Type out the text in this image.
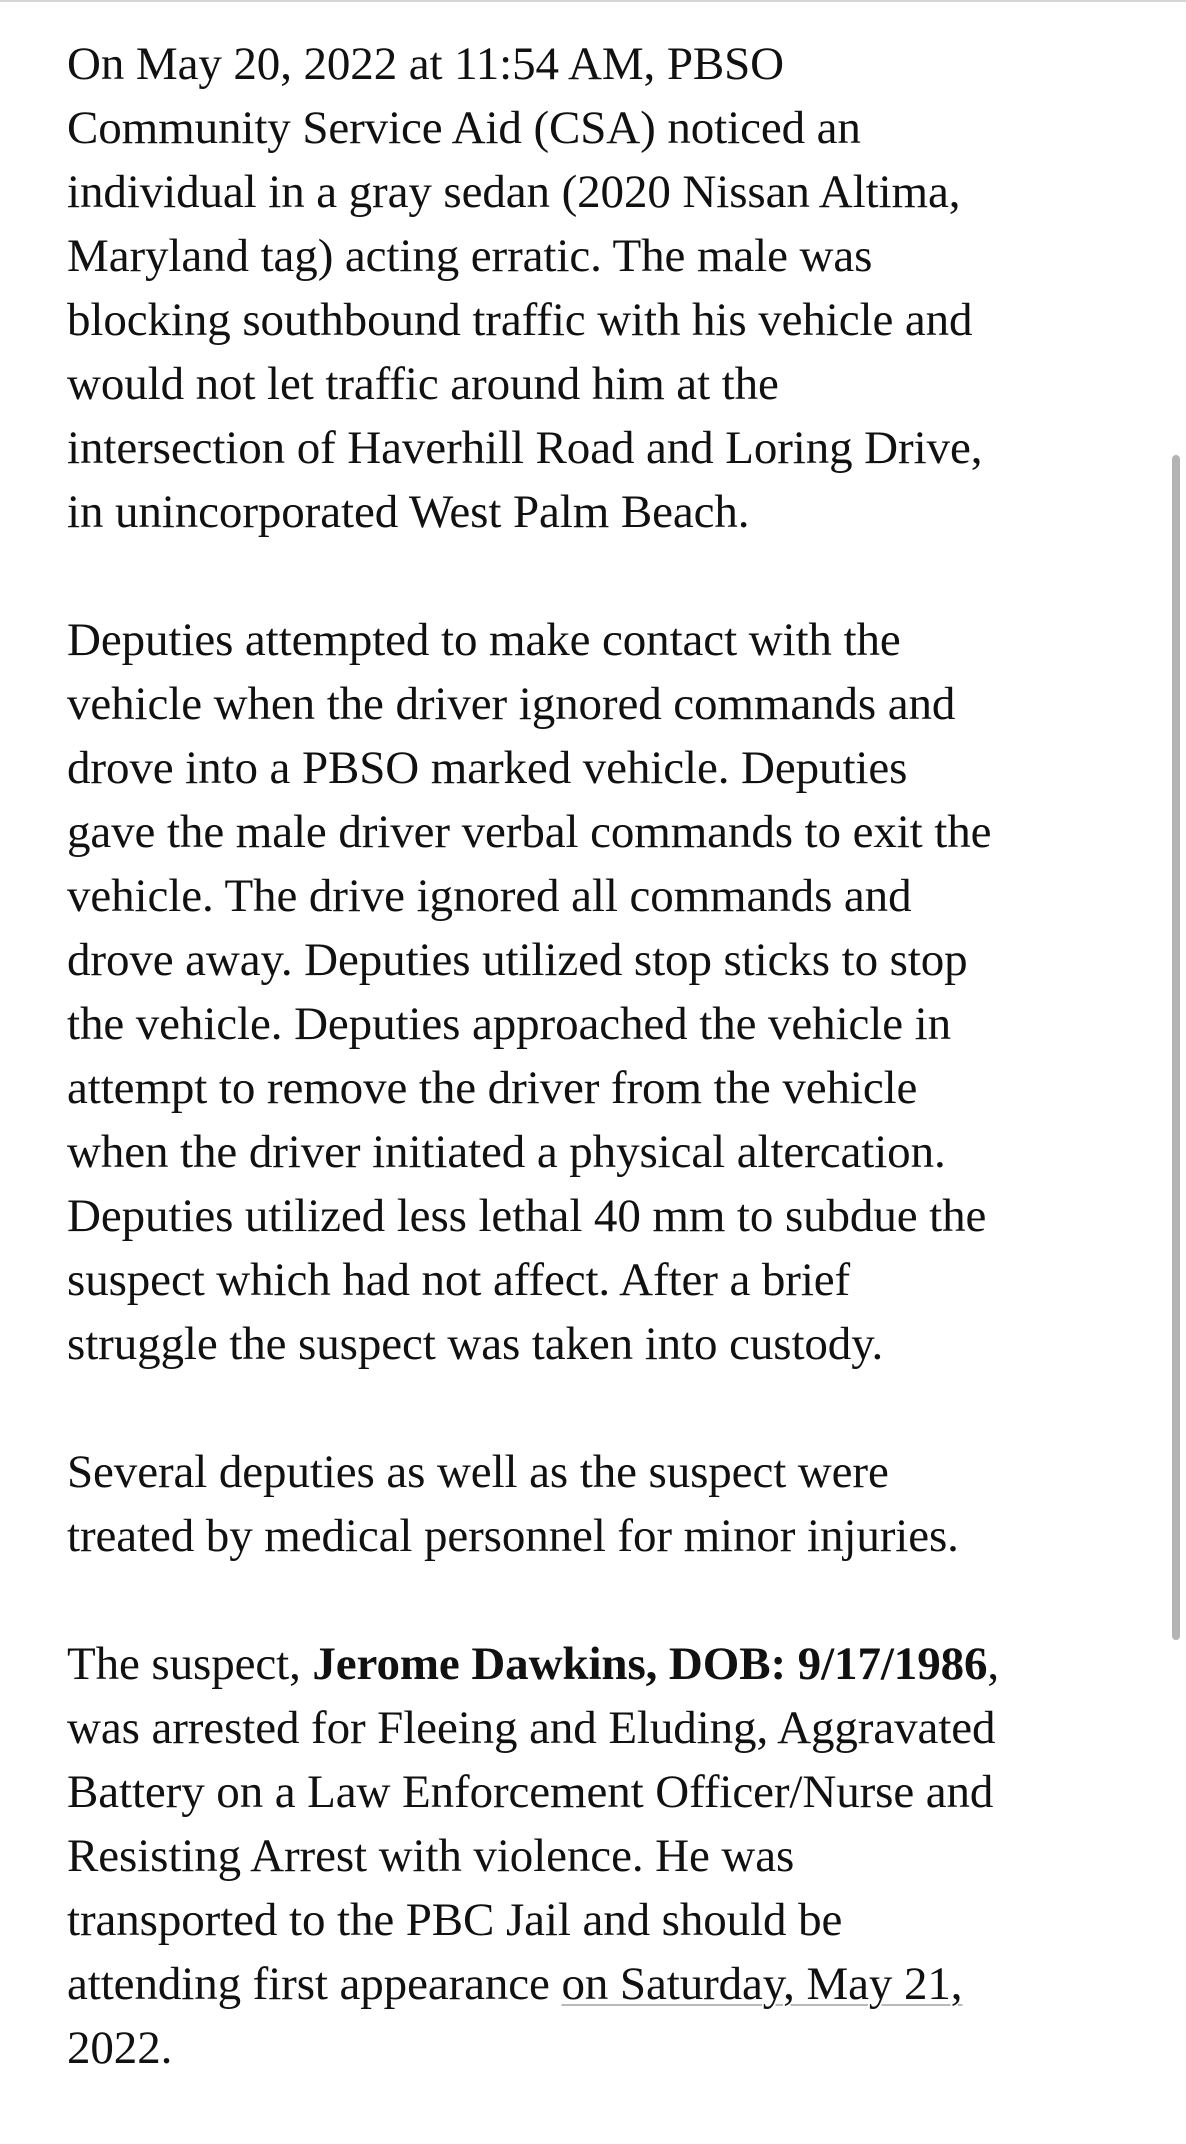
On May 20, 2022 at 11:54 AM, PBSO
Community Service Aid (CSA) noticed an
individual in a gray sedan (2020 Nissan Altima,
Maryland tag) acting erratic. The male was
blocking southbound traffic with his vehicle and
would not let traffic around him at the
intersection of Haverhill Road and Loring Drive,
in unincorporated West Palm Beach.

Deputies attempted to make contact with the
vehicle when the driver ignored commands and
drove into a PBSO marked vehicle. Deputies
gave the male driver verbal commands to exit the
vehicle. The drive ignored all commands and
drove away. Deputies utilized stop sticks to stop
the vehicle. Deputies approached the vehicle in
attempt to remove the driver from the vehicle
when the driver initiated a physical altercation.
Deputies utilized less lethal 40 mm to subdue the
suspect which had not affect. After a brief
struggle the suspect was taken into custody.

Several deputies as well as the suspect were
treated by medical personnel for minor injuries.

The suspect, Jerome Dawkins, DOB: 9/17/1986,
was arrested for Fleeing and Eluding, Aggravated
Battery on a Law Enforcement Officer/Nurse and
Resisting Arrest with violence. He was
transported to the PBC Jail and should be
attending first appearance on Saturday, May 21,
2022.
